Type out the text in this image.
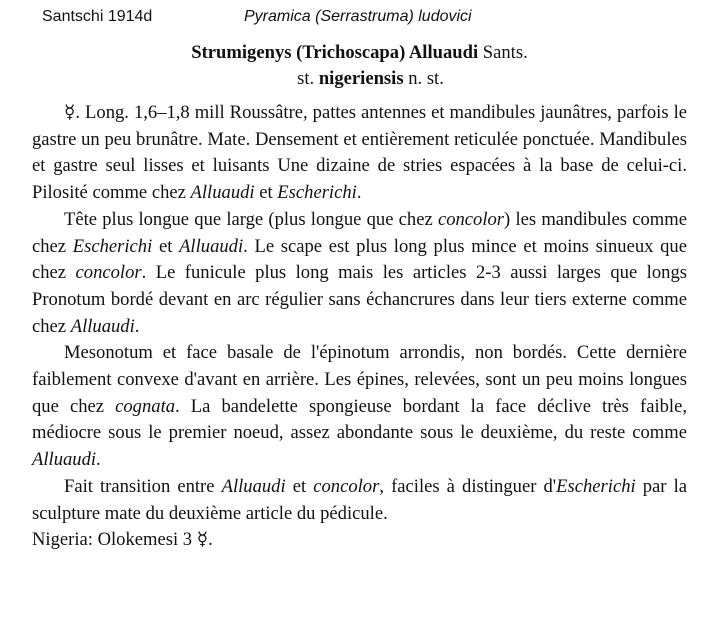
Santschi 1914d	Pyramica (Serrastruma) ludovici
Strumigenys (Trichoscapa) Alluaudi Sants.
st. nigeriensis n. st.
☿. Long. 1,6–1,8 mill Roussâtre, pattes antennes et mandibules jaunâtres, parfois le gastre un peu brunâtre. Mate. Densement et entièrement reticulée ponctuée. Mandibules et gastre seul lisses et luisants Une dizaine de stries espacées à la base de celui-ci. Pilosité comme chez Alluaudi et Escherichi.
Tête plus longue que large (plus longue que chez concolor) les mandibules comme chez Escherichi et Alluaudi. Le scape est plus long plus mince et moins sinueux que chez concolor. Le funicule plus long mais les articles 2-3 aussi larges que longs Pronotum bordé devant en arc régulier sans échancrures dans leur tiers externe comme chez Alluaudi.
Mesonotum et face basale de l'épinotum arrondis, non bordés. Cette dernière faiblement convexe d'avant en arrière. Les épines, relevées, sont un peu moins longues que chez cognata. La bandelette spongieuse bordant la face déclive très faible, médiocre sous le premier noeud, assez abondante sous le deuxième, du reste comme Alluaudi.
Fait transition entre Alluaudi et concolor, faciles à distinguer d'Escherichi par la sculpture mate du deuxième article du pédicule.
Nigeria: Olokemesi 3 ☿.
